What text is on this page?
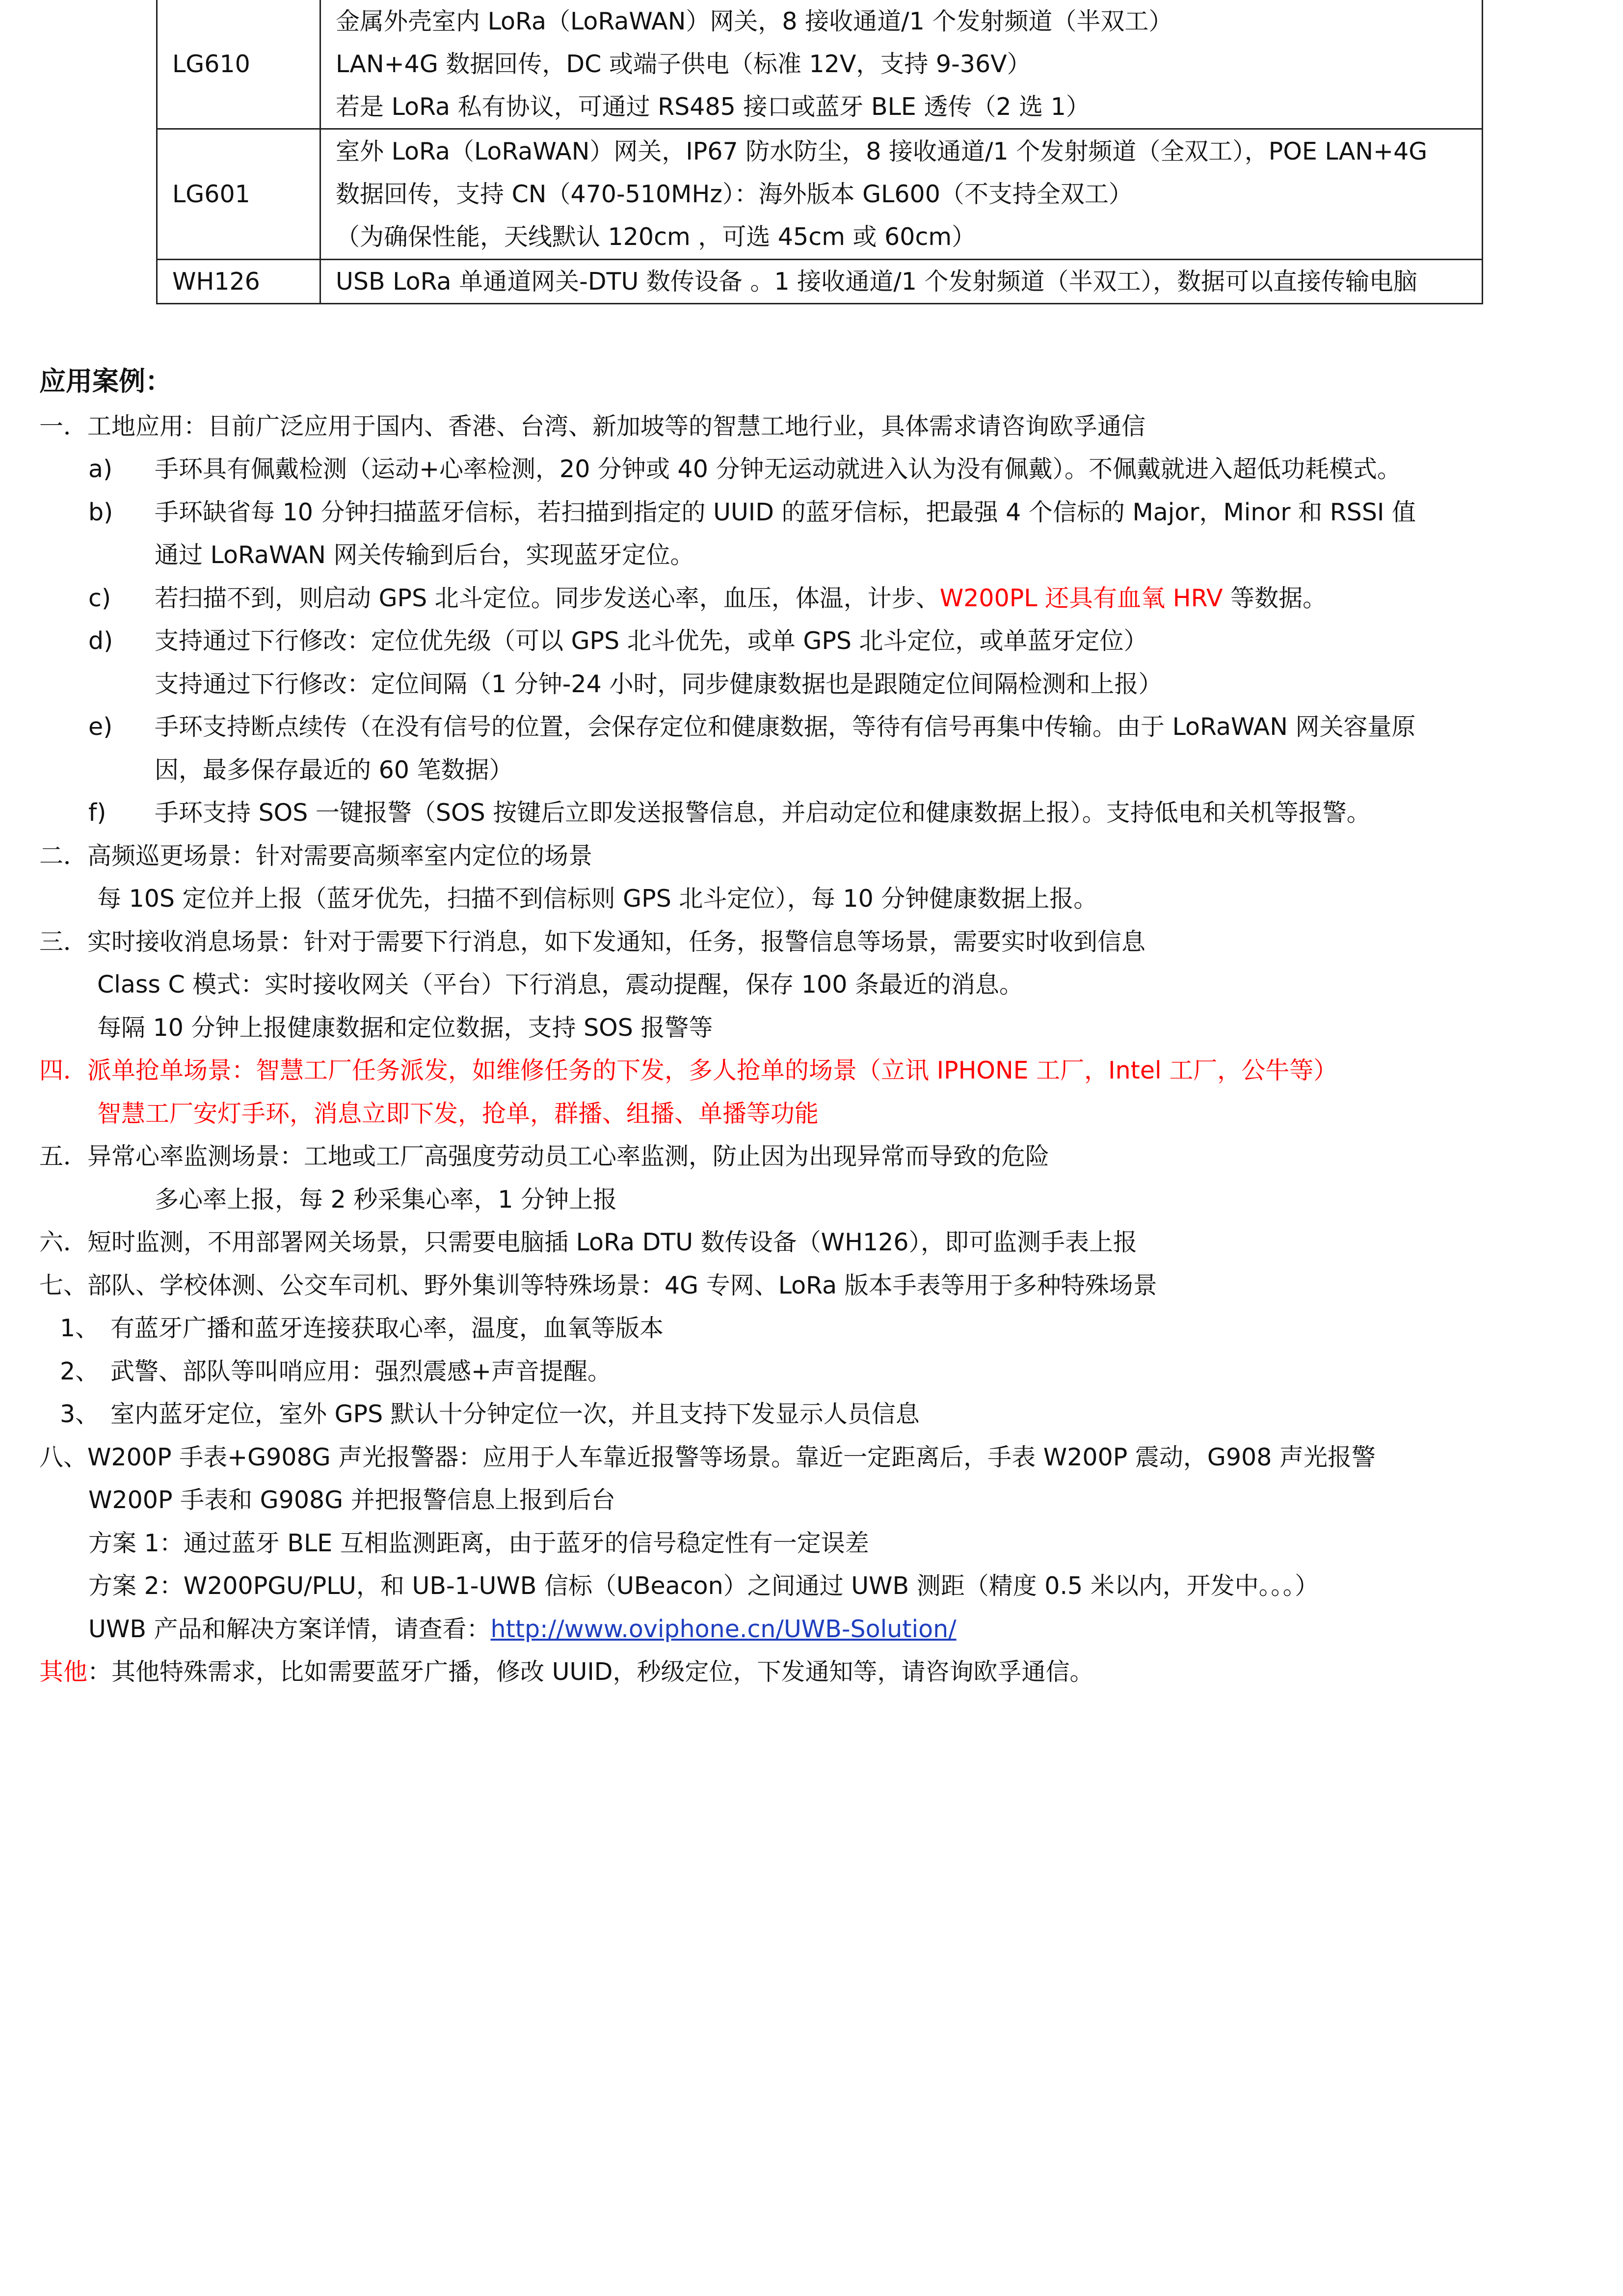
LG610	金属外壳室内 LoRa（LoRaWAN）网关，8 接收通道/1 个发射频道（半双工）
LAN+4G 数据回传，DC 或端子供电（标准 12V，支持 9-36V）
若是 LoRa 私有协议，可通过 RS485 接口或蓝牙 BLE 透传（2 选 1）

LG601	室外 LoRa（LoRaWAN）网关，IP67 防水防尘，8 接收通道/1 个发射频道（全双工），POE LAN+4G
数据回传，支持 CN（470-510MHz）：海外版本 GL600（不支持全双工）
（为确保性能，天线默认 120cm ，可选 45cm 或 60cm）

WH126	USB LoRa 单通道网关-DTU 数传设备 。1 接收通道/1 个发射频道（半双工），数据可以直接传输电脑
应用案例：
一．工地应用：目前广泛应用于国内、香港、台湾、新加坡等的智慧工地行业，具体需求请咨询欧孚通信
a) 手环具有佩戴检测（运动+心率检测，20 分钟或 40 分钟无运动就进入认为没有佩戴）。不佩戴就进入超低功耗模式。
b) 手环缺省每 10 分钟扫描蓝牙信标，若扫描到指定的 UUID 的蓝牙信标，把最强 4 个信标的 Major，Minor 和 RSSI 值
通过 LoRaWAN 网关传输到后台，实现蓝牙定位。
c) 若扫描不到，则启动 GPS 北斗定位。同步发送心率，血压，体温，计步、W200PL 还具有血氧 HRV 等数据。
d) 支持通过下行修改：定位优先级（可以 GPS 北斗优先，或单 GPS 北斗定位，或单蓝牙定位）
支持通过下行修改：定位间隔（1 分钟-24 小时，同步健康数据也是跟随定位间隔检测和上报）
e) 手环支持断点续传（在没有信号的位置，会保存定位和健康数据，等待有信号再集中传输。由于 LoRaWAN 网关容量原
因，最多保存最近的 60 笔数据）
f) 手环支持 SOS 一键报警（SOS 按键后立即发送报警信息，并启动定位和健康数据上报）。支持低电和关机等报警。
二．高频巡更场景：针对需要高频率室内定位的场景
每 10S 定位并上报（蓝牙优先，扫描不到信标则 GPS 北斗定位），每 10 分钟健康数据上报。
三．实时接收消息场景：针对于需要下行消息，如下发通知，任务，报警信息等场景，需要实时收到信息
Class C 模式：实时接收网关（平台）下行消息，震动提醒，保存 100 条最近的消息。
每隔 10 分钟上报健康数据和定位数据，支持 SOS 报警等
四．派单抢单场景：智慧工厂任务派发，如维修任务的下发，多人抢单的场景（立讯 IPHONE 工厂，Intel 工厂，公牛等）
智慧工厂安灯手环，消息立即下发，抢单，群播、组播、单播等功能
五．异常心率监测场景：工地或工厂高强度劳动员工心率监测，防止因为出现异常而导致的危险
多心率上报，每 2 秒采集心率，1 分钟上报
六．短时监测，不用部署网关场景，只需要电脑插 LoRa DTU 数传设备（WH126），即可监测手表上报
七、部队、学校体测、公交车司机、野外集训等特殊场景：4G 专网、LoRa 版本手表等用于多种特殊场景
1、 有蓝牙广播和蓝牙连接获取心率，温度，血氧等版本
2、 武警、部队等叫哨应用：强烈震感+声音提醒。
3、 室内蓝牙定位，室外 GPS 默认十分钟定位一次，并且支持下发显示人员信息
八、W200P 手表+G908G 声光报警器：应用于人车靠近报警等场景。靠近一定距离后，手表 W200P 震动，G908 声光报警
W200P 手表和 G908G 并把报警信息上报到后台
方案 1：通过蓝牙 BLE 互相监测距离，由于蓝牙的信号稳定性有一定误差
方案 2：W200PGU/PLU，和 UB-1-UWB 信标（UBeacon）之间通过 UWB 测距（精度 0.5 米以内，开发中。。。）
UWB 产品和解决方案详情，请查看：http://www.oviphone.cn/UWB-Solution/
其他：其他特殊需求，比如需要蓝牙广播，修改 UUID，秒级定位，下发通知等，请咨询欧孚通信。
